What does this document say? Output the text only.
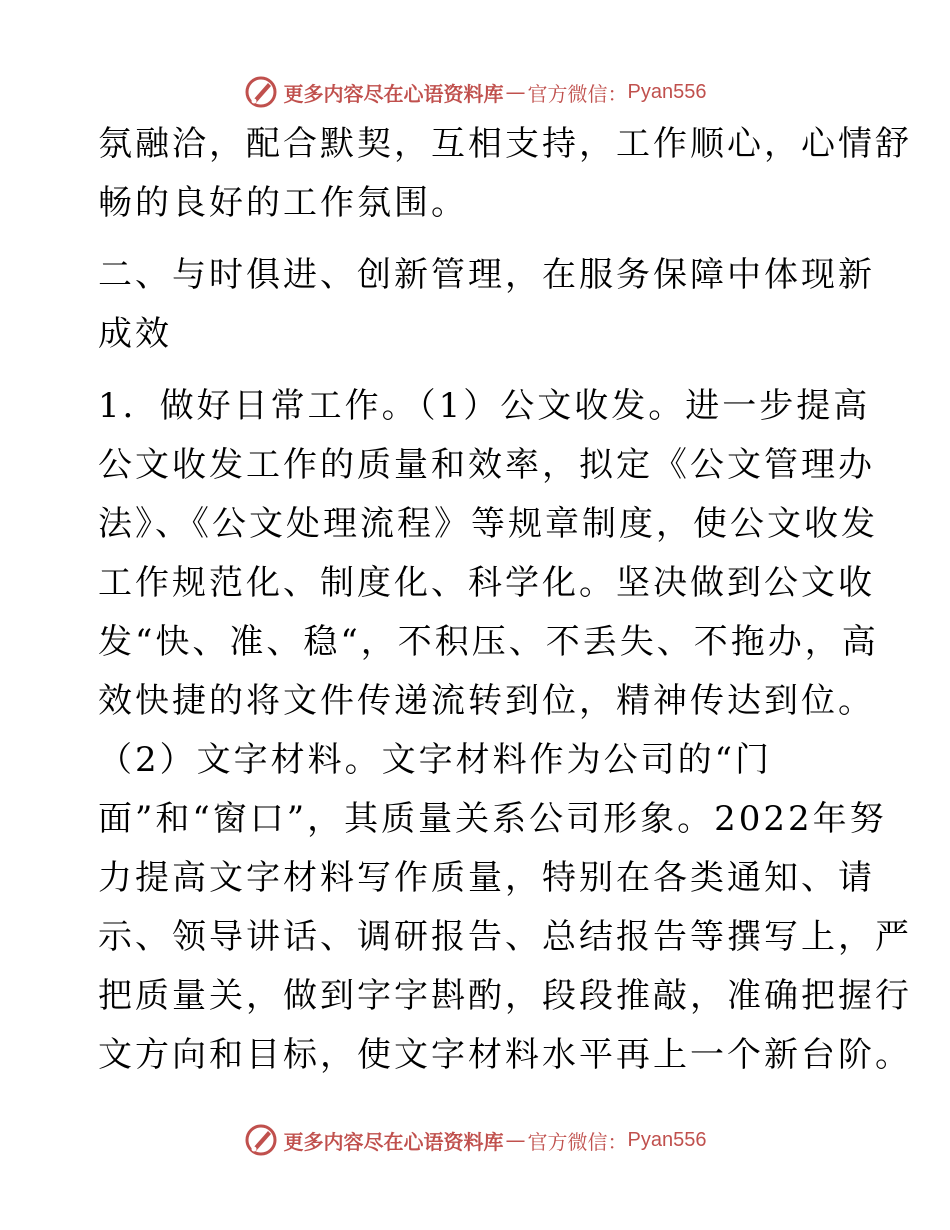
更多内容尽在心语资料库 — 官方微信： Pyan556
氛融洽，配合默契，互相支持，工作顺心，心情舒
畅的良好的工作氛围。
二、与时俱进、创新管理，在服务保障中体现新
成效
1．做好日常工作。（1）公文收发。进一步提高
公文收发工作的质量和效率，拟定《公文管理办
法》、《公文处理流程》等规章制度，使公文收发
工作规范化、制度化、科学化。坚决做到公文收
发“快、准、稳“，不积压、不丢失、不拖办，高
效快捷的将文件传递流转到位，精神传达到位。
（2）文字材料。文字材料作为公司的“门
面”和“窗口”，其质量关系公司形象。2022年努
力提高文字材料写作质量，特别在各类通知、请
示、领导讲话、调研报告、总结报告等撰写上，严
把质量关，做到字字斟酌，段段推敲，准确把握行
文方向和目标，使文字材料水平再上一个新台阶。
更多内容尽在心语资料库 — 官方微信： Pyan556
